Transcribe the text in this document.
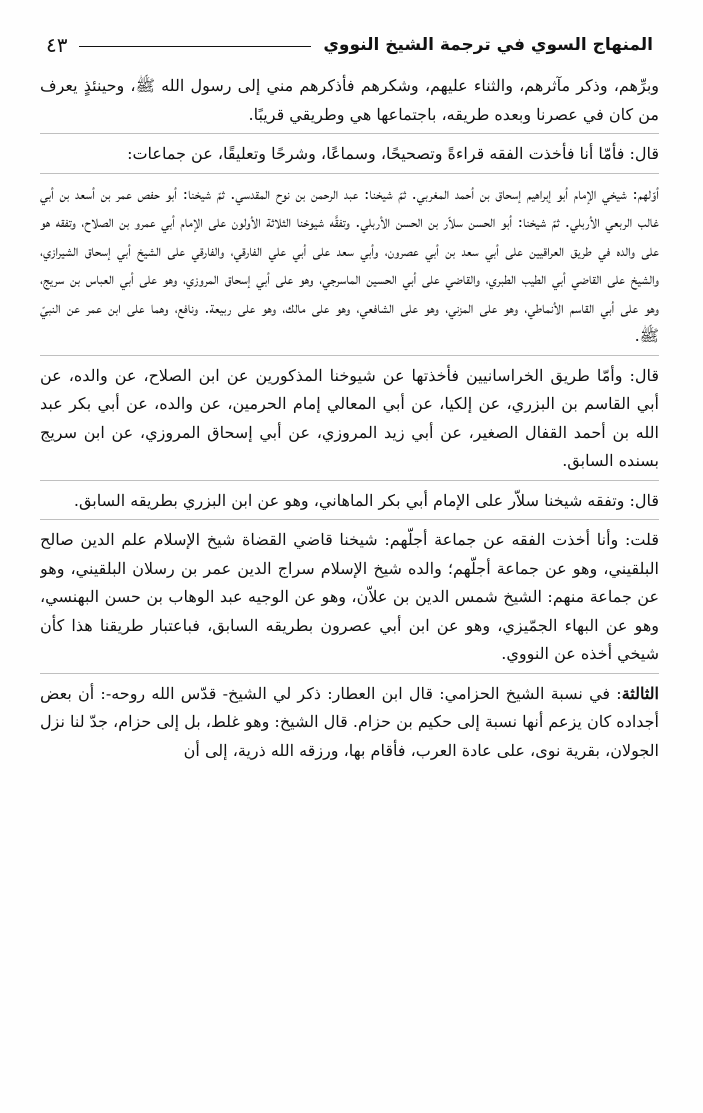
المنهاج السوي في ترجمة الشيخ النووي
٤٣

وبرِّهم، وذكر مآثرهم، والثناء عليهم، وشكرهم فأذكرهم مني إلى رسول الله ﷺ، وحينئذٍ يعرف من كان في عصرنا وبعده طريقه، باجتماعها هي وطريقي قريبًا.

قال: فأمّا أنا فأخذت الفقه قراءةً وتصحيحًا، وسماعًا، وشرحًا وتعليقًا، عن جماعات:

أوّلهم: شيخي الإمام أبو إبراهيم إسحاق بن أحمد المغربي. ثمّ شيخنا: عبد الرحمن بن نوح المقدسي. ثمّ شيخنا: أبو حفص عمر بن أسعد بن أبي غالب الربعي الأربلي. ثمّ شيخنا: أبو الحسن سلاّر بن الحسن الأربلي. وتفقَّه شيوخنا الثلاثة الأولون على الإمام أبي عمرو بن الصلاح، وتفقه هو على والده في طريق العراقيين على أبي سعد بن أبي عصرون، وأبي سعد على أبي علي الفارقي، والفارقي على الشيخ أبي إسحاق الشيرازي، والشيخ على القاضي أبي الطيب الطبري، والقاضي على أبي الحسين الماسرجي، وهو على أبي إسحاق المروزي، وهو على أبي العباس بن سريج، وهو على أبي القاسم الأنماطي، وهو على المزني، وهو على الشافعي، وهو على مالك، وهو على ربيعة. ونافع، وهما على ابن عمر عن النبيّ ﷺ.

قال: وأمّا طريق الخراسانيين فأخذتها عن شيوخنا المذكورين عن ابن الصلاح، عن والده، عن أبي القاسم بن البزري، عن إلكيا، عن أبي المعالي إمام الحرمين، عن والده، عن أبي بكر عبد الله بن أحمد القفال الصغير، عن أبي زيد المروزي، عن أبي إسحاق المروزي، عن ابن سريج بسنده السابق.

قال: وتفقه شيخنا سلاّر على الإمام أبي بكر الماهاني، وهو عن ابن البزري بطريقه السابق.

قلت: وأنا أخذت الفقه عن جماعة أجلّهم: شيخنا قاضي القضاة شيخ الإسلام علم الدين صالح البلقيني، وهو عن جماعة أجلّهم؛ والده شيخ الإسلام سراج الدين عمر بن رسلان البلقيني، وهو عن جماعة منهم: الشيخ شمس الدين بن علاّن، وهو عن الوجيه عبد الوهاب بن حسن البهنسي، وهو عن البهاء الجمّيزي، وهو عن ابن أبي عصرون بطريقه السابق، فباعتبار طريقنا هذا كأن شيخي أخذه عن النووي.

الثالثة: في نسبة الشيخ الحزامي: قال ابن العطار: ذكر لي الشيخ- قدّس الله روحه-: أن بعض أجداده كان يزعم أنها نسبة إلى حكيم بن حزام. قال الشيخ: وهو غلط، بل إلى حزام، جدّ لنا نزل الجولان، بقرية نوى، على عادة العرب، فأقام بها، ورزقه الله ذرية، إلى أن
